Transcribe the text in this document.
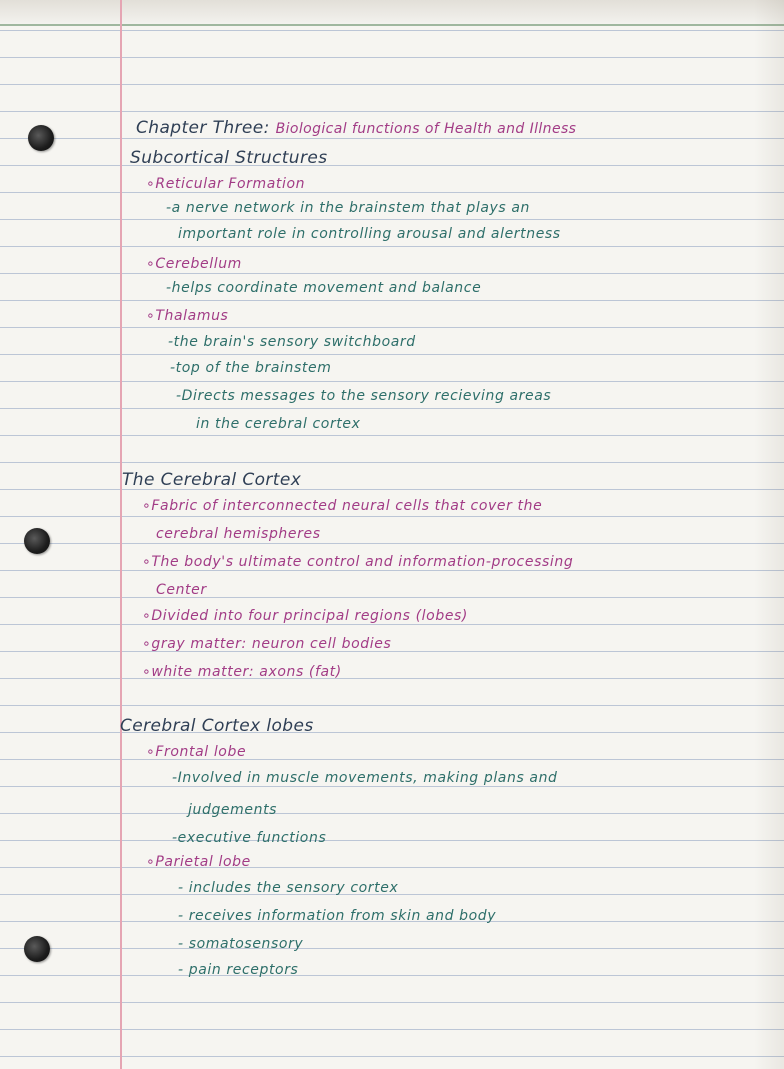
Chapter Three: Biological functions of Health and Illness
Subcortical Structures
∘Reticular Formation
-a nerve network in the brainstem that plays an
important role in controlling arousal and alertness
∘Cerebellum
-helps coordinate movement and balance
∘Thalamus
-the brain's sensory switchboard
-top of the brainstem
-Directs messages to the sensory recieving areas
in the cerebral cortex
The Cerebral Cortex
∘Fabric of interconnected neural cells that cover the
cerebral hemispheres
∘The body's ultimate control and information-processing
Center
∘Divided into four principal regions (lobes)
∘gray matter: neuron cell bodies
∘white matter: axons (fat)
Cerebral Cortex lobes
∘Frontal lobe
-Involved in muscle movements, making plans and
judgements
-executive functions
∘Parietal lobe
- includes the sensory cortex
- receives information from skin and body
- somatosensory
- pain receptors
